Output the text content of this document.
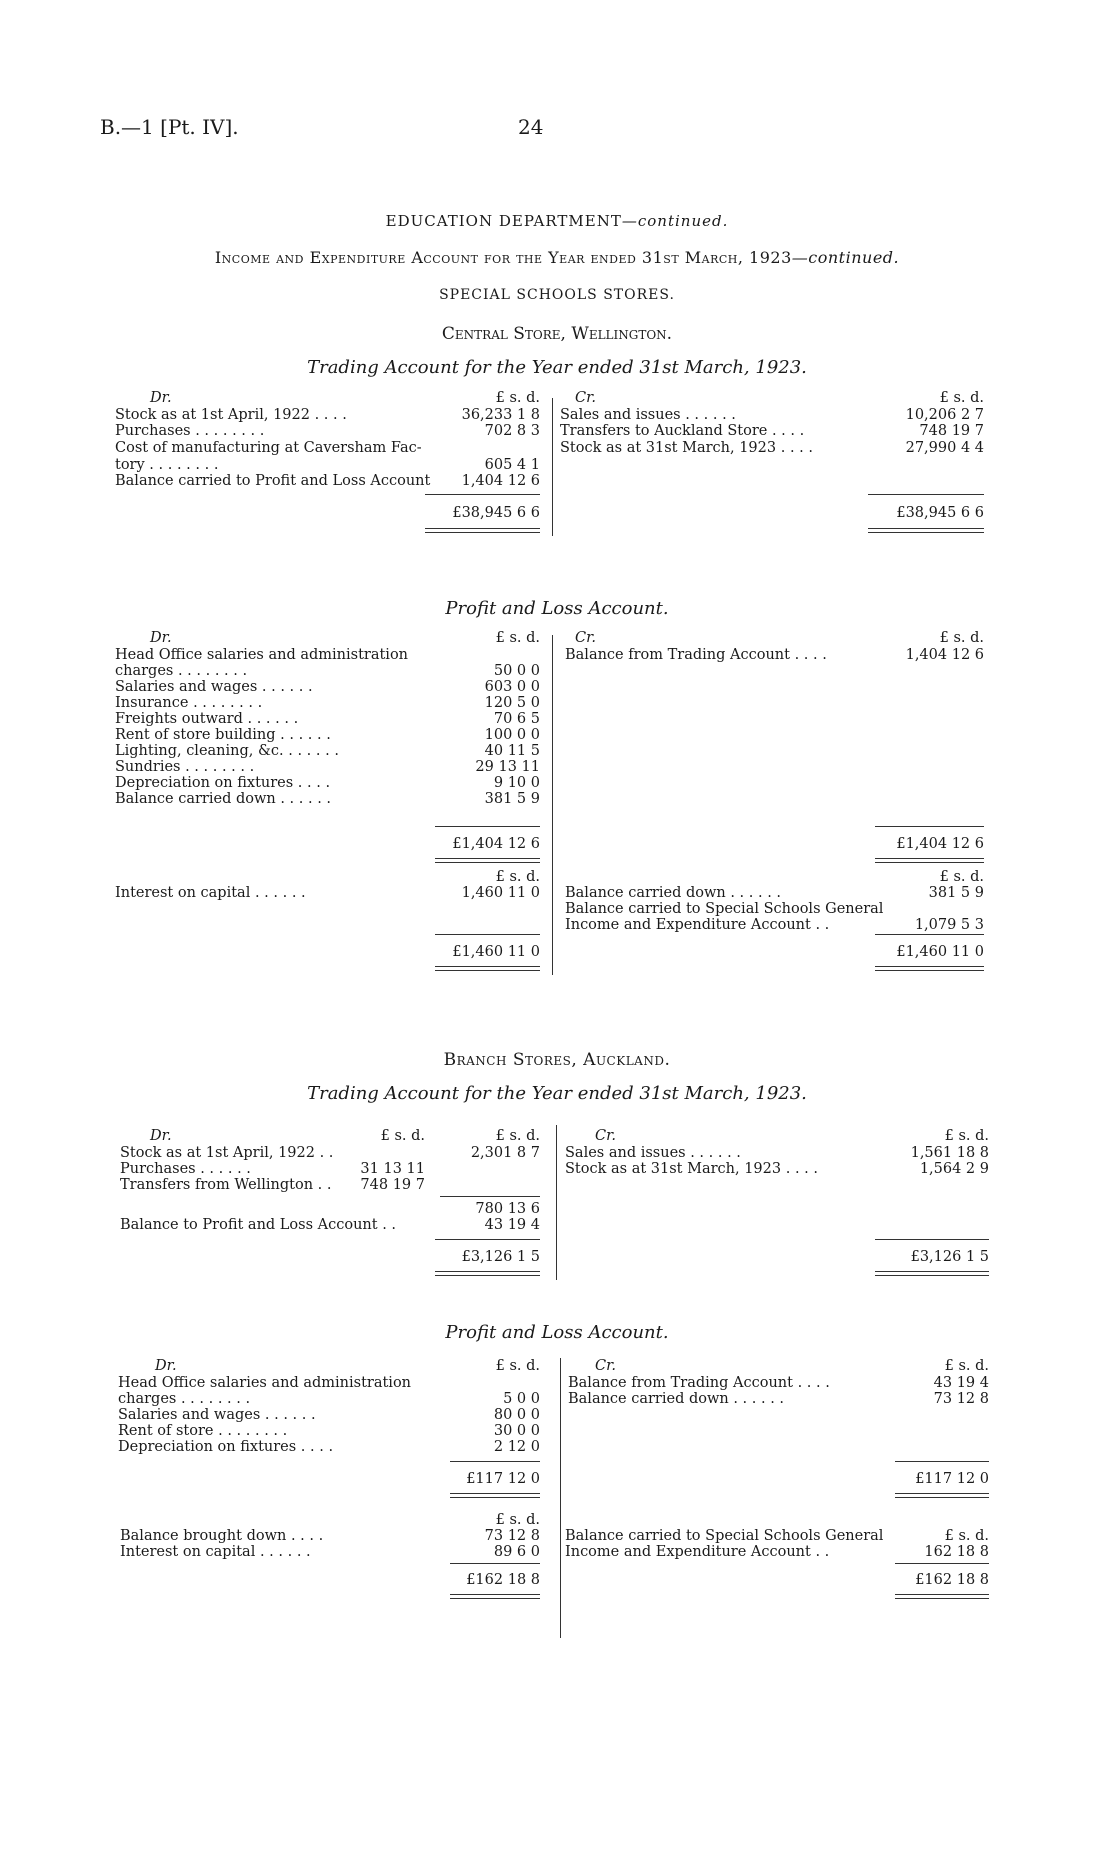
B.—1 [Pt. IV].	24
EDUCATION DEPARTMENT—continued.
Income and Expenditure Account for the Year ended 31st March, 1923—continued.
SPECIAL SCHOOLS STORES.
Central Store, Wellington.
Trading Account for the Year ended 31st March, 1923.
Dr.	£ s. d. Cr.	£ s. d.
Stock as at 1st April, 1922 . . . .	36,233 1 8
Purchases . . . . . . . .	702 8 3
Cost of manufacturing at Caversham Fac-
tory . . . . . . . .	605 4 1
Balance carried to Profit and Loss Account	1,404 12 6
£38,945 6 6
Sales and issues . . . . . .	10,206 2 7
Transfers to Auckland Store . . . .	748 19 7
Stock as at 31st March, 1923 . . . .	27,990 4 4
£38,945 6 6
Profit and Loss Account.
Dr.	£ s. d. Cr.	£ s. d.
Head Office salaries and administration
charges . . . . . . . .	50 0 0
Salaries and wages . . . . . .	603 0 0
Insurance . . . . . . . .	120 5 0
Freights outward . . . . . .	70 6 5
Rent of store building . . . . . .	100 0 0
Lighting, cleaning, &c. . . . . . .	40 11 5
Sundries . . . . . . . .	29 13 11
Depreciation on fixtures . . . .	9 10 0
Balance carried down . . . . . .	381 5 9
£1,404 12 6
Balance from Trading Account . . . .	1,404 12 6
£1,404 12 6
£ s. d.
Interest on capital . . . . . .	1,460 11 0
£1,460 11 0
£ s. d.
Balance carried down . . . . . .	381 5 9
Balance carried to Special Schools General
Income and Expenditure Account . .	1,079 5 3
£1,460 11 0
Branch Stores, Auckland.
Trading Account for the Year ended 31st March, 1923.
Dr.	£ s. d.	£ s. d.	Cr.	£ s. d.
Stock as at 1st April, 1922 . .	2,301 8 7
Purchases . . . . . .	31 13 11
Transfers from Wellington . .	748 19 7
780 13 6
Balance to Profit and Loss Account . .	43 19 4
£3,126 1 5
Sales and issues . . . . . .	1,561 18 8
Stock as at 31st March, 1923 . . . .	1,564 2 9
£3,126 1 5
Profit and Loss Account.
Dr.	£ s. d.	Cr.	£ s. d.
Head Office salaries and administration
charges . . . . . . . .	5 0 0
Salaries and wages . . . . . .	80 0 0
Rent of store . . . . . . . .	30 0 0
Depreciation on fixtures . . . .	2 12 0
£117 12 0
Balance from Trading Account . . . .	43 19 4
Balance carried down . . . . . .	73 12 8
£117 12 0
£ s. d.
Balance brought down . . . .	73 12 8
Interest on capital . . . . . .	89 6 0
£162 18 8
£ s. d.
Balance carried to Special Schools General
Income and Expenditure Account . .	162 18 8
£162 18 8
